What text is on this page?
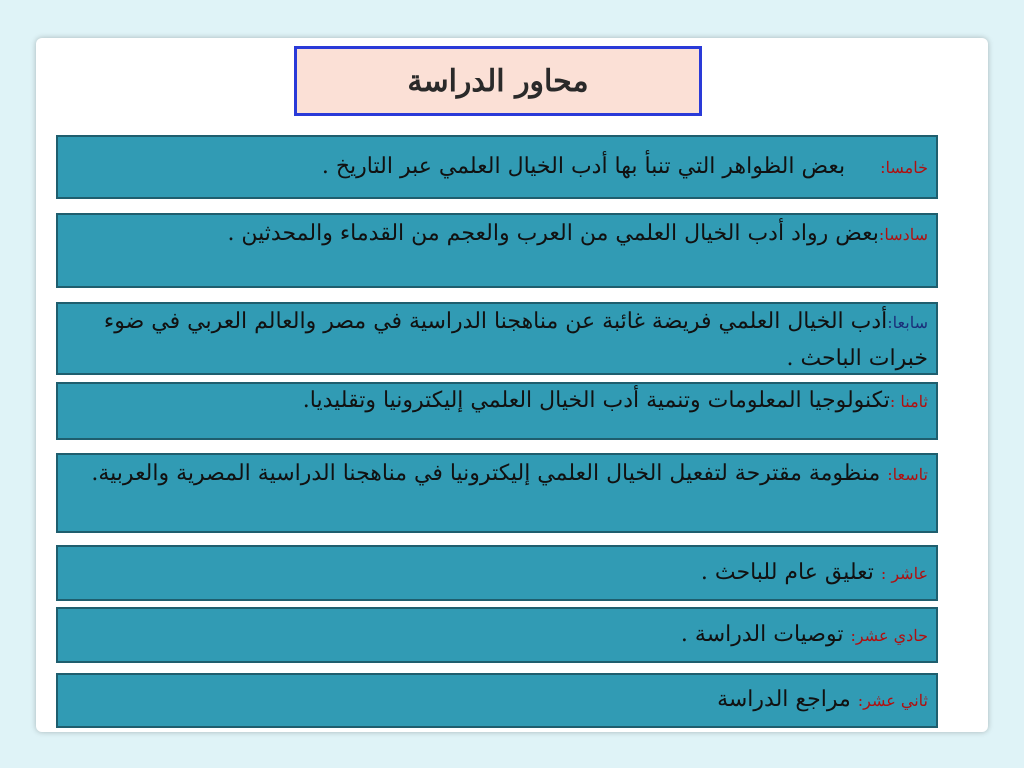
محاور الدراسة
خامسا:     بعض الظواهر التي تنبأ بها أدب الخيال العلمي عبر التاريخ .
سادسا:بعض رواد أدب الخيال العلمي من العرب والعجم من القدماء والمحدثين .
سابعا:أدب الخيال العلمي فريضة غائبة عن مناهجنا الدراسية في مصر والعالم العربي في ضوء خبرات الباحث .
ثامنا :تكنولوجيا المعلومات وتنمية أدب الخيال العلمي إليكترونيا وتقليديا.
تاسعا: منظومة مقترحة لتفعيل الخيال العلمي إليكترونيا في مناهجنا الدراسية المصرية والعربية.
عاشر : تعليق عام للباحث .
حادي عشر: توصيات الدراسة .
ثاني عشر: مراجع الدراسة
